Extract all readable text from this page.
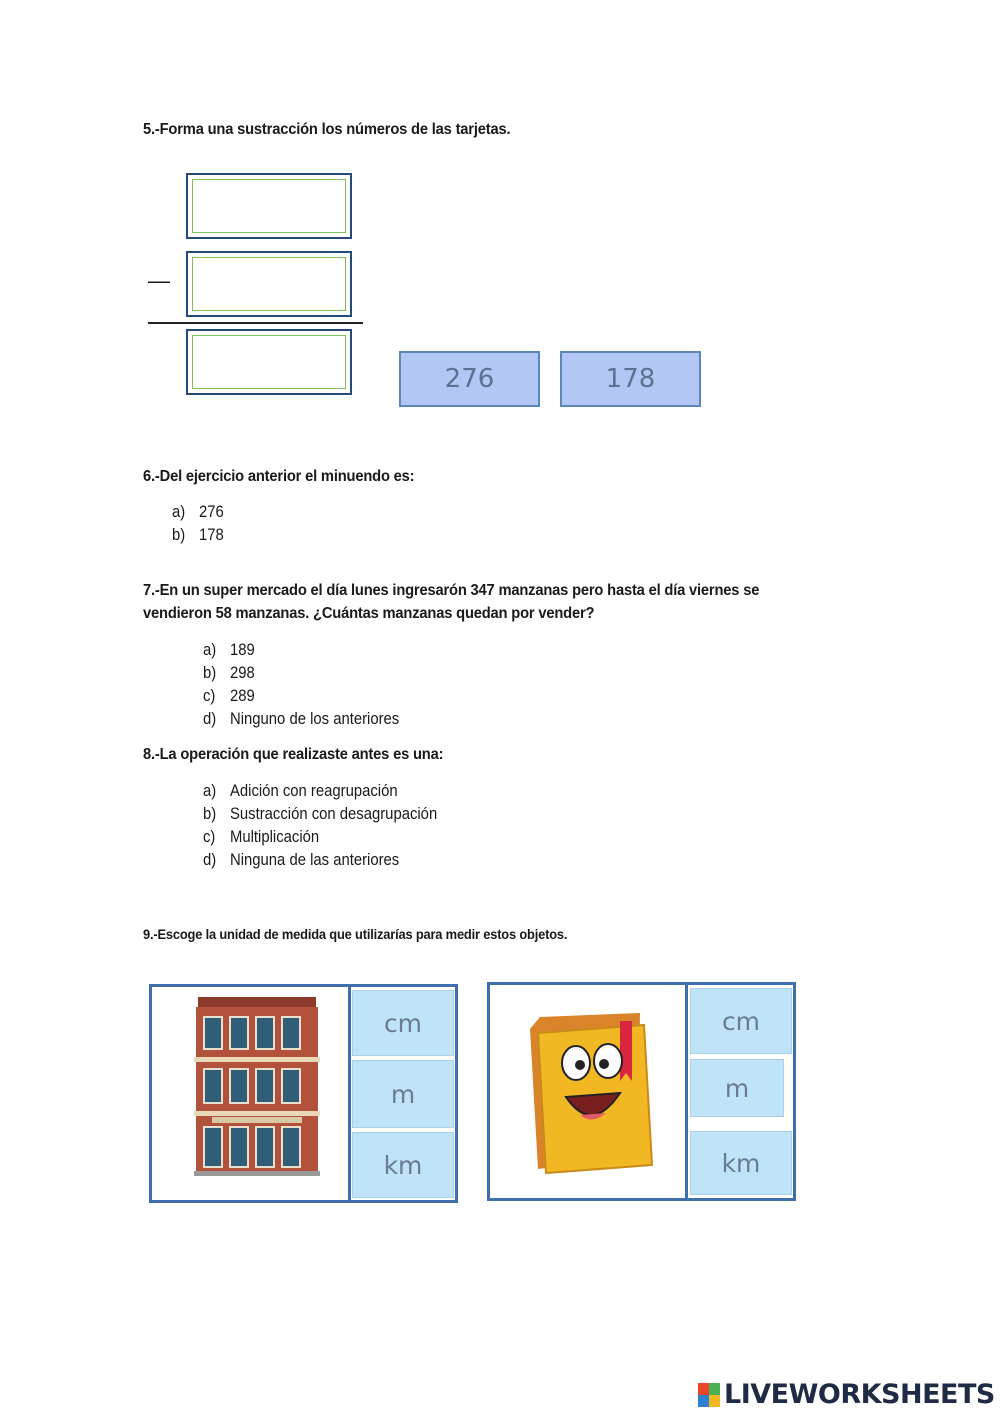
5.-Forma una sustracción los números de las tarjetas.
—
276	178
6.-Del ejercicio anterior el minuendo es:
a) 276
b) 178
7.-En un super mercado el día lunes ingresarón 347 manzanas pero hasta el día viernes se
vendieron 58 manzanas. ¿Cuántas manzanas quedan por vender?
a) 189
b) 298
c) 289
d) Ninguno de los anteriores
8.-La operación que realizaste antes es una:
a) Adición con reagrupación
b) Sustracción con desagrupación
c) Multiplicación
d) Ninguna de las anteriores
9.-Escoge la unidad de medida que utilizarías para medir estos objetos.
cm
m
km
cm
m
km
LIVEWORKSHEETS
